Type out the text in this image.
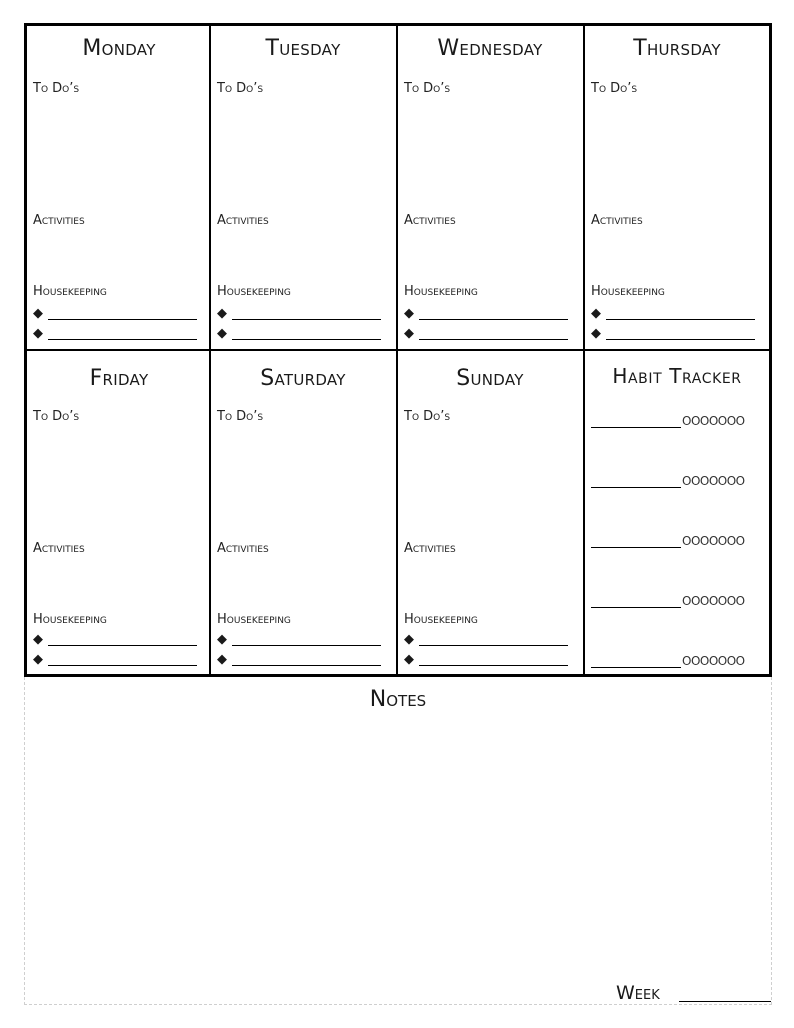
Monday
To Do’s
Activities
Housekeeping
◆
◆
Tuesday
To Do’s
Activities
Housekeeping
◆
◆
Wednesday
To Do’s
Activities
Housekeeping
◆
◆
Thursday
To Do’s
Activities
Housekeeping
◆
◆
Friday
To Do’s
Activities
Housekeeping
◆
◆
Saturday
To Do’s
Activities
Housekeeping
◆
◆
Sunday
To Do’s
Activities
Housekeeping
◆
◆
Habit Tracker
OOOOOOO
OOOOOOO
OOOOOOO
OOOOOOO
OOOOOOO
Notes
Week
